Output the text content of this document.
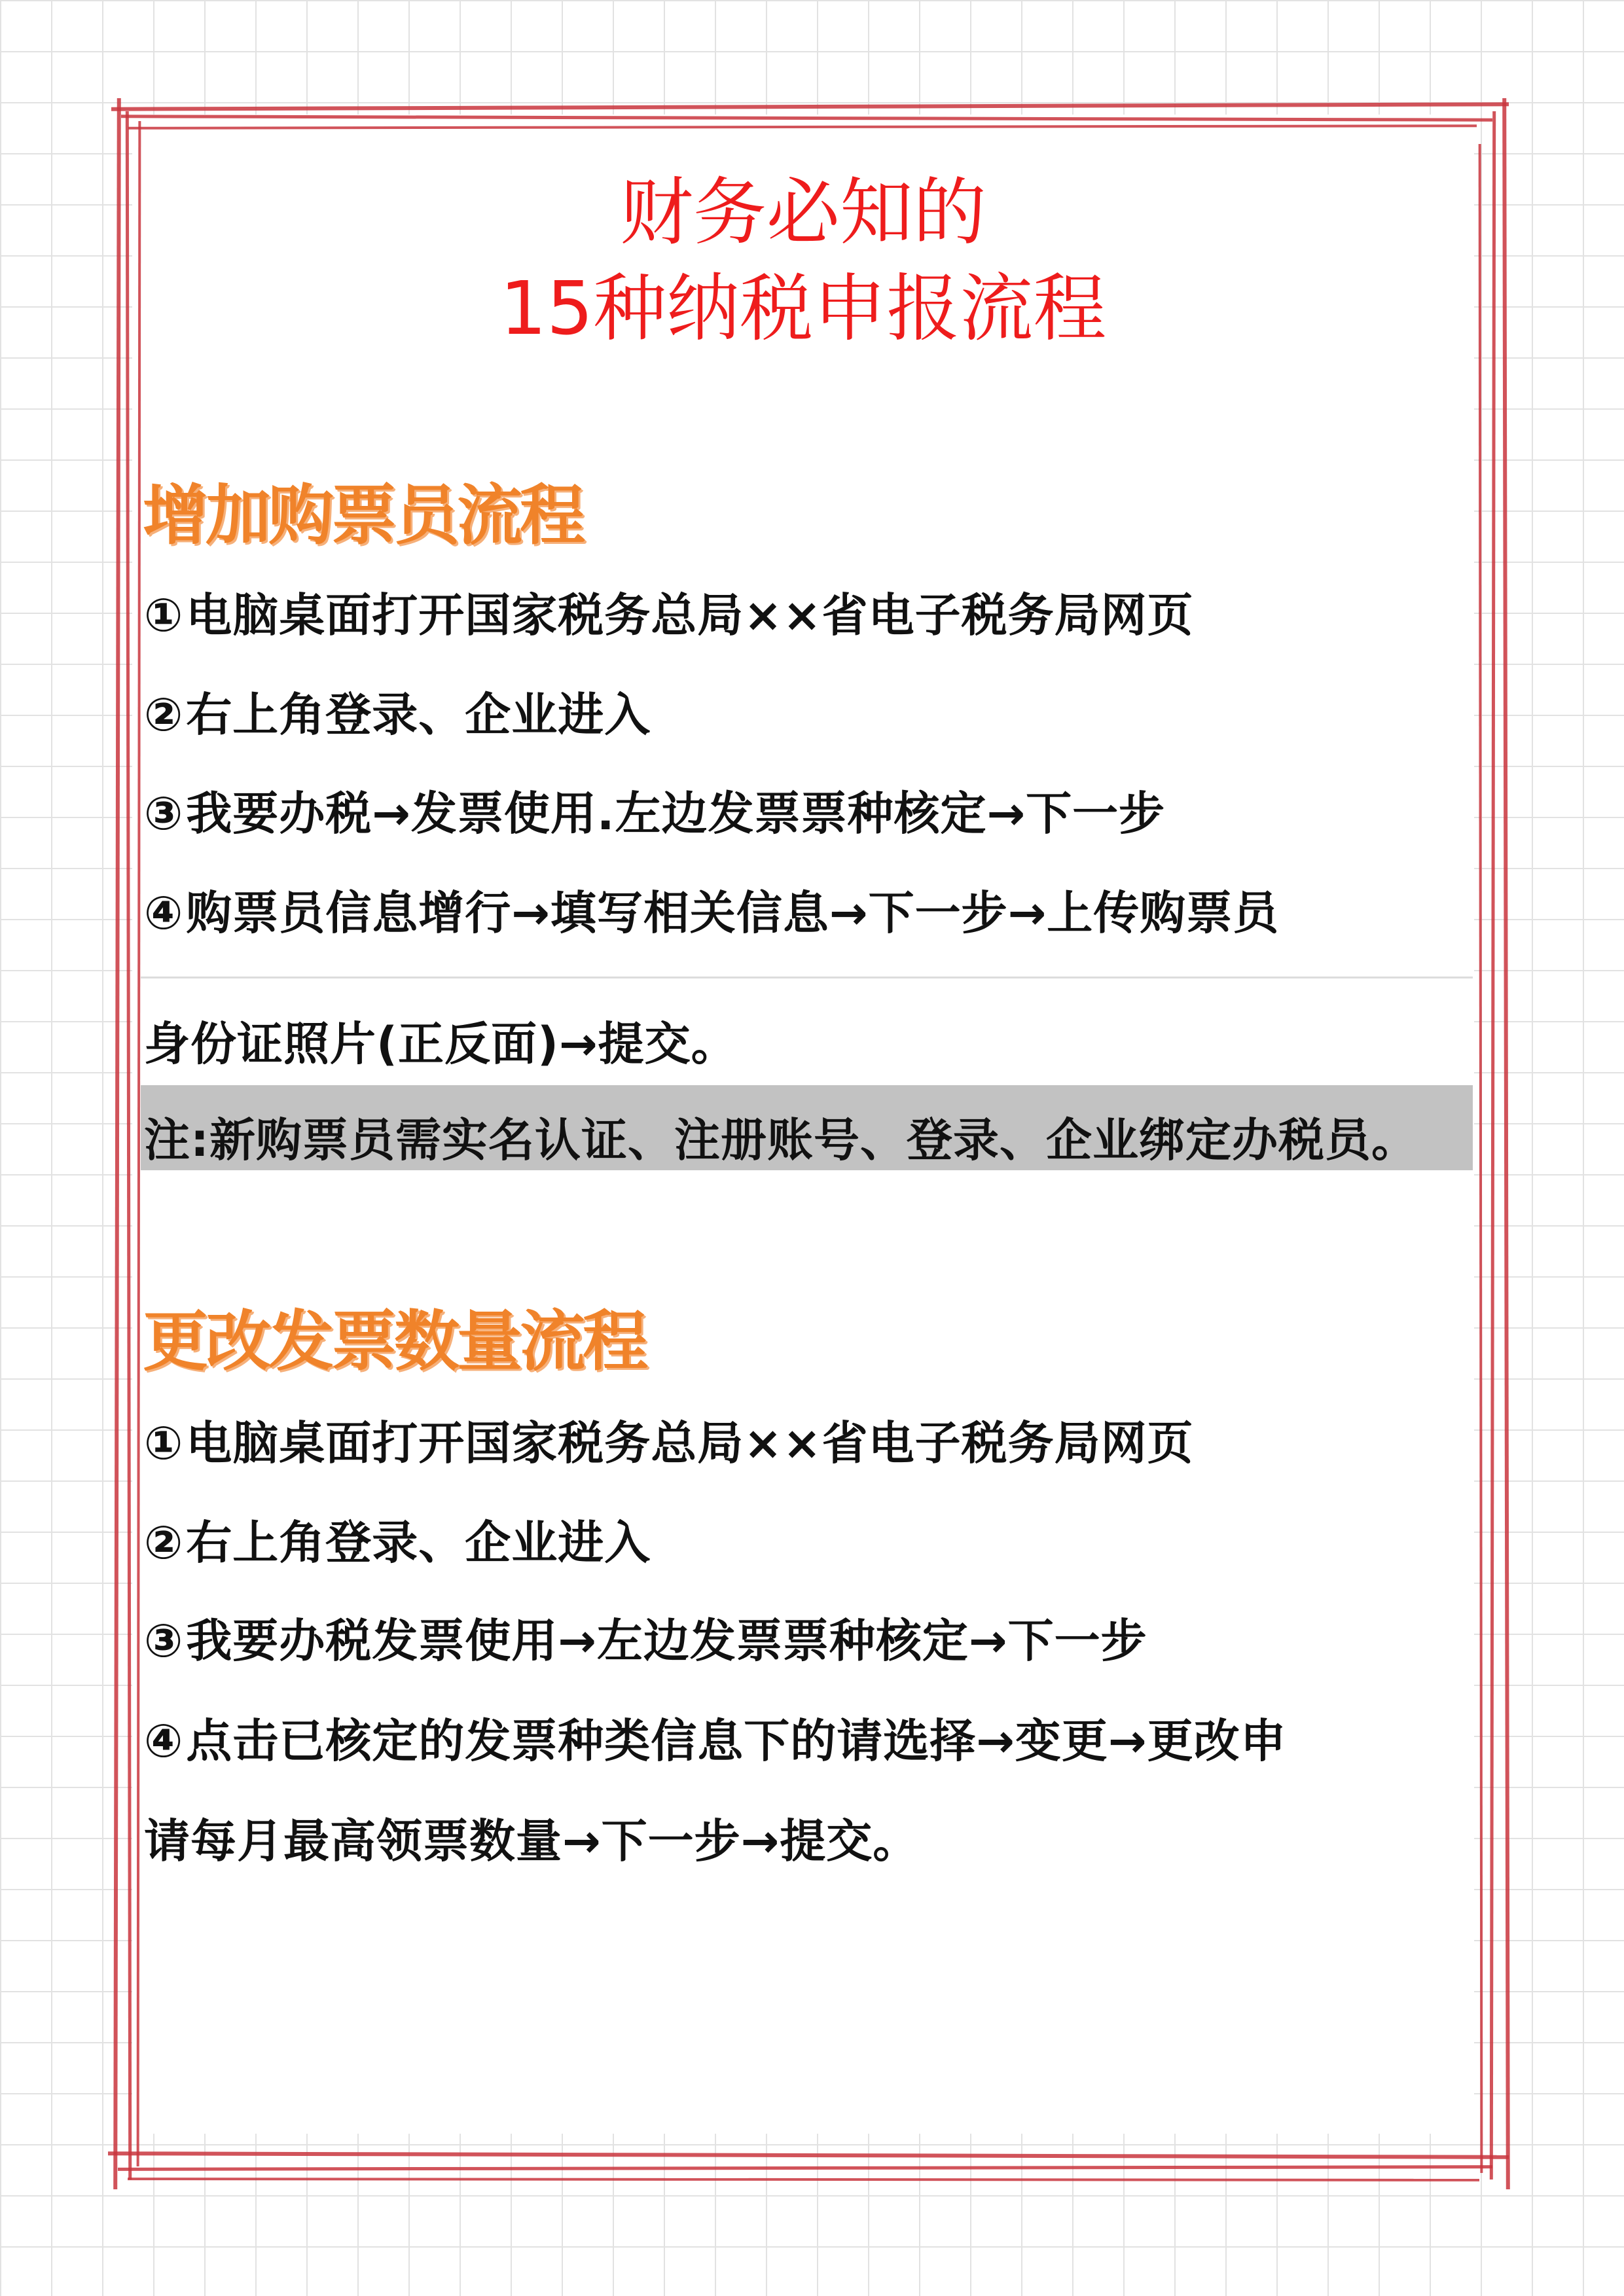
财务必知的
15种纳税申报流程
增加购票员流程
①电脑桌面打开国家税务总局××省电子税务局网页
②右上角登录、企业进入
③我要办税→发票使用.左边发票票种核定→下一步
④购票员信息增行→填写相关信息→下一步→上传购票员
身份证照片(正反面)→提交。
注:新购票员需实名认证、注册账号、登录、企业绑定办税员。
更改发票数量流程
①电脑桌面打开国家税务总局××省电子税务局网页
②右上角登录、企业进入
③我要办税发票使用→左边发票票种核定→下一步
④点击已核定的发票种类信息下的请选择→变更→更改申
请每月最高领票数量→下一步→提交。
